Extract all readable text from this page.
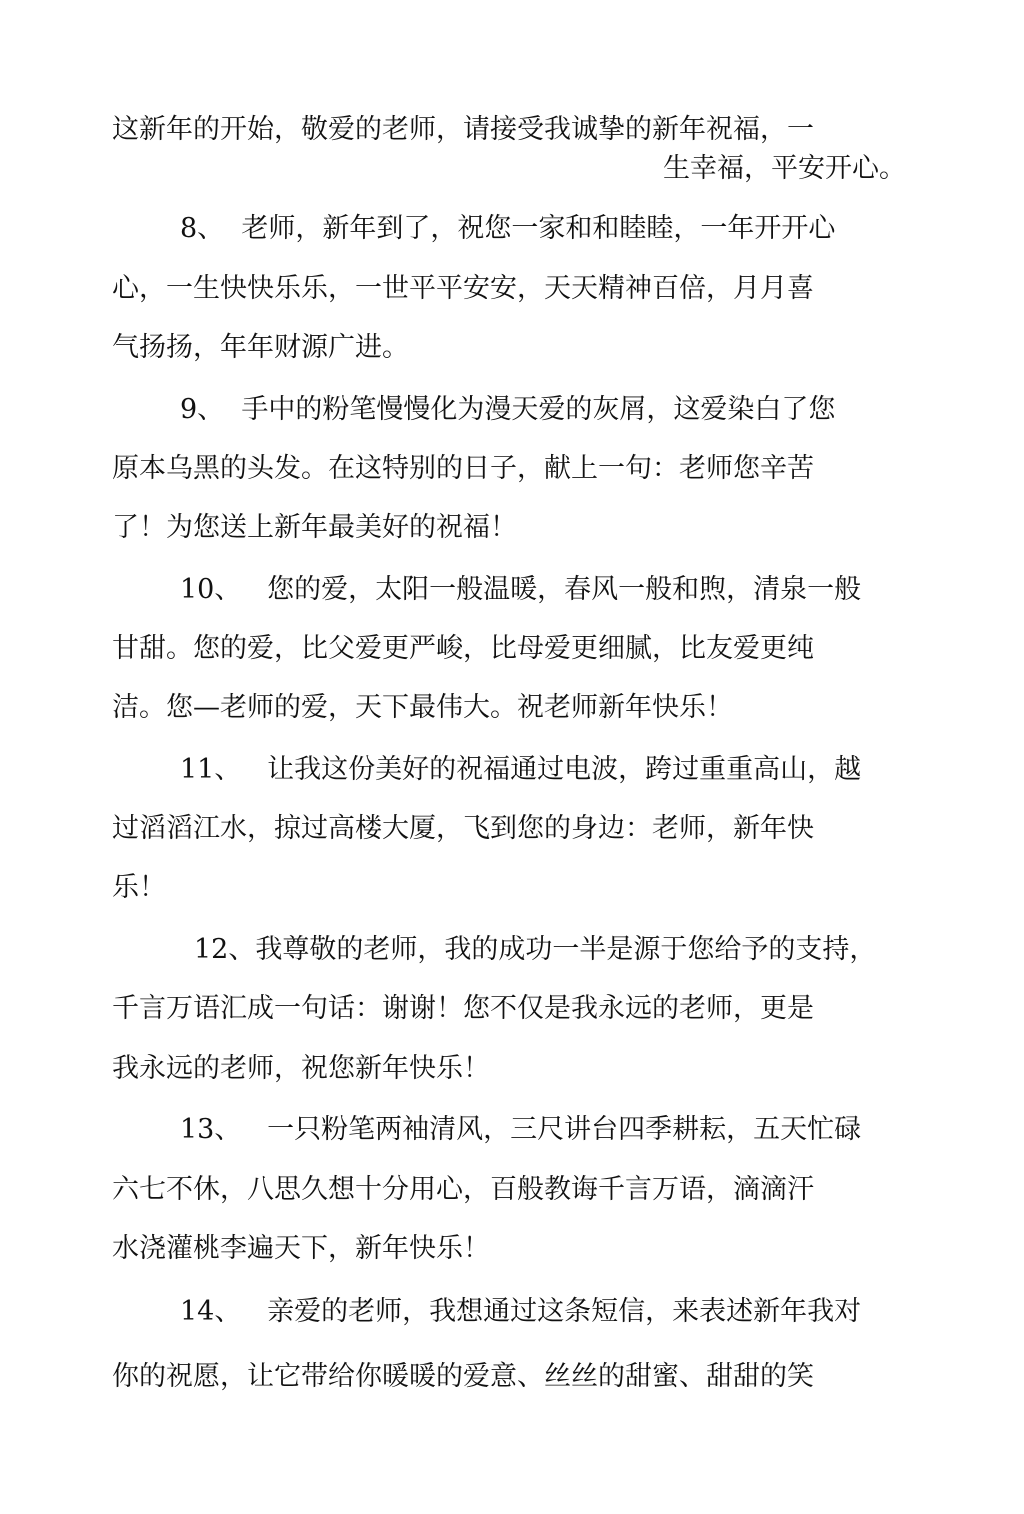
这新年的开始，敬爱的老师，请接受我诚挚的新年祝福，一
生幸福，平安开心。
8、 老师，新年到了，祝您一家和和睦睦，一年开开心
心，一生快快乐乐，一世平平安安，天天精神百倍，月月喜
气扬扬，年年财源广进。
9、 手中的粉笔慢慢化为漫天爱的灰屑，这爱染白了您
原本乌黑的头发。在这特别的日子，献上一句：老师您辛苦
了！为您送上新年最美好的祝福！
10、 您的爱，太阳一般温暖，春风一般和煦，清泉一般
甘甜。您的爱，比父爱更严峻，比母爱更细腻，比友爱更纯
洁。您—老师的爱，天下最伟大。祝老师新年快乐！
11、 让我这份美好的祝福通过电波，跨过重重高山，越
过滔滔江水，掠过高楼大厦，飞到您的身边：老师，新年快
乐！
12、我尊敬的老师，我的成功一半是源于您给予的支持，
千言万语汇成一句话：谢谢！您不仅是我永远的老师，更是
我永远的老师，祝您新年快乐！
13、 一只粉笔两袖清风，三尺讲台四季耕耘，五天忙碌
六七不休，八思久想十分用心，百般教诲千言万语，滴滴汗
水浇灌桃李遍天下，新年快乐！
14、 亲爱的老师，我想通过这条短信，来表述新年我对
你的祝愿，让它带给你暖暖的爱意、丝丝的甜蜜、甜甜的笑
